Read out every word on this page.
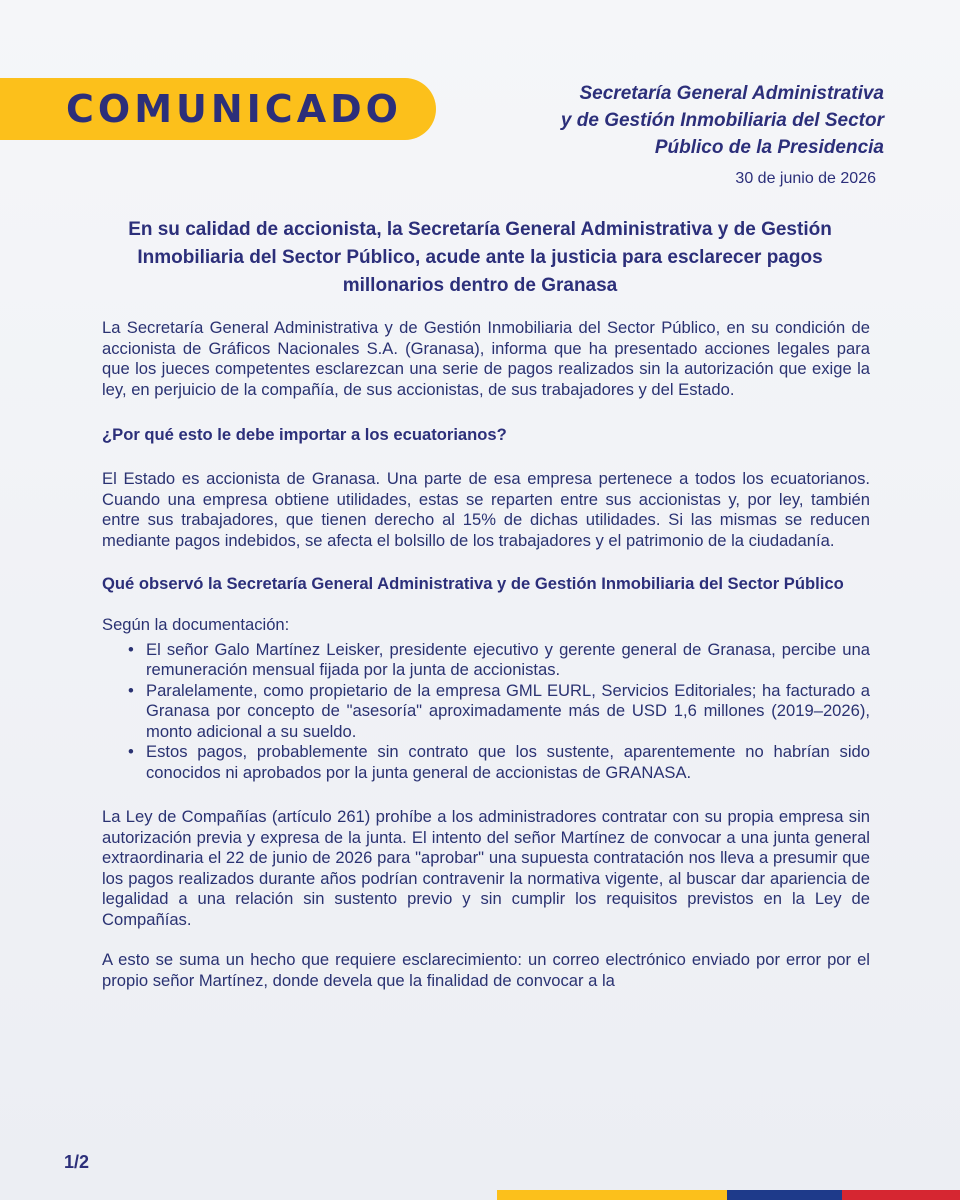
COMUNICADO	Secretaría General Administrativa
y de Gestión Inmobiliaria del Sector
Público de la Presidencia
30 de junio de 2026
En su calidad de accionista, la Secretaría General Administrativa y de Gestión Inmobiliaria del Sector Público, acude ante la justicia para esclarecer pagos millonarios dentro de Granasa

La Secretaría General Administrativa y de Gestión Inmobiliaria del Sector Público, en su condición de accionista de Gráficos Nacionales S.A. (Granasa), informa que ha presentado acciones legales para que los jueces competentes esclarezcan una serie de pagos realizados sin la autorización que exige la ley, en perjuicio de la compañía, de sus accionistas, de sus trabajadores y del Estado.

¿Por qué esto le debe importar a los ecuatorianos?

El Estado es accionista de Granasa. Una parte de esa empresa pertenece a todos los ecuatorianos. Cuando una empresa obtiene utilidades, estas se reparten entre sus accionistas y, por ley, también entre sus trabajadores, que tienen derecho al 15% de dichas utilidades. Si las mismas se reducen mediante pagos indebidos, se afecta el bolsillo de los trabajadores y el patrimonio de la ciudadanía.

Qué observó la Secretaría General Administrativa y de Gestión Inmobiliaria del Sector Público

Según la documentación:

• El señor Galo Martínez Leisker, presidente ejecutivo y gerente general de Granasa, percibe una remuneración mensual fijada por la junta de accionistas.
• Paralelamente, como propietario de la empresa GML EURL, Servicios Editoriales; ha facturado a Granasa por concepto de "asesoría" aproximadamente más de USD 1,6 millones (2019–2026), monto adicional a su sueldo.
• Estos pagos, probablemente sin contrato que los sustente, aparentemente no habrían sido conocidos ni aprobados por la junta general de accionistas de GRANASA.

La Ley de Compañías (artículo 261) prohíbe a los administradores contratar con su propia empresa sin autorización previa y expresa de la junta. El intento del señor Martínez de convocar a una junta general extraordinaria el 22 de junio de 2026 para "aprobar" una supuesta contratación nos lleva a presumir que los pagos realizados durante años podrían contravenir la normativa vigente, al buscar dar apariencia de legalidad a una relación sin sustento previo y sin cumplir los requisitos previstos en la Ley de Compañías.

A esto se suma un hecho que requiere esclarecimiento: un correo electrónico enviado por error por el propio señor Martínez, donde devela que la finalidad de convocar a la

1/2
